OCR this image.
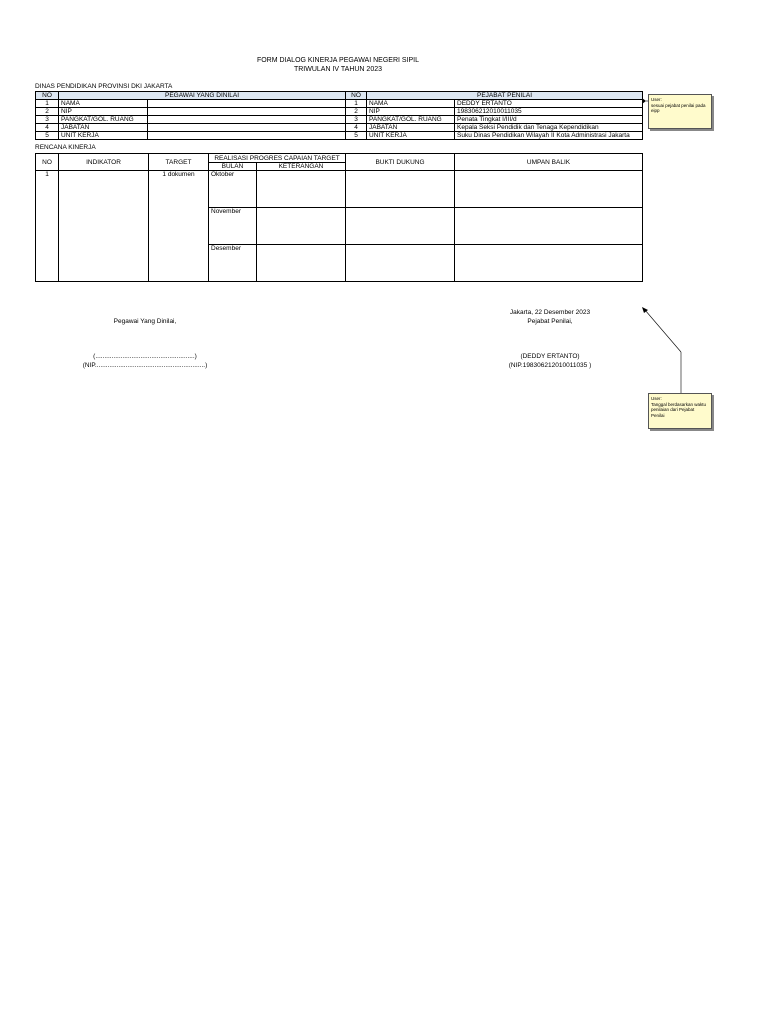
FORM DIALOG KINERJA PEGAWAI NEGERI SIPIL
TRIWULAN IV TAHUN 2023
DINAS PENDIDIKAN PROVINSI DKI JAKARTA
NO	PEGAWAI YANG DINILAI		NO	PEJABAT PENILAI	
1	NAMA		1	NAMA	DEDDY ERTANTO
2	NIP		2	NIP	198306212010011035
3	PANGKAT/GOL. RUANG		3	PANGKAT/GOL. RUANG	Penata Tingkat I/III/d
4	JABATAN		4	JABATAN	Kepala Seksi Pendidik dan Tenaga Kependidikan
5	UNIT KERJA		5	UNIT KERJA	Suku Dinas Pendidikan Wilayah II Kota Administrasi Jakarta
RENCANA KINERJA
NO	INDIKATOR	TARGET	REALISASI PROGRES CAPAIAN TARGET		BUKTI DUKUNG	UMPAN BALIK
			BULAN	KETERANGAN		
1		1 dokumen	Oktober			
			November			
			Desember			
Pegawai Yang Dinilai,
(.......................................................)
(NIP.............................................................)
Jakarta, 22 Desember 2023
Pejabat Penilai,
(DEDDY ERTANTO)
(NIP.198306212010011035 )
User:
sesuai pejabat penilai pada eipp
User:
Tanggal berdasarkan waktu penilaian dari Pejabat Penilai
